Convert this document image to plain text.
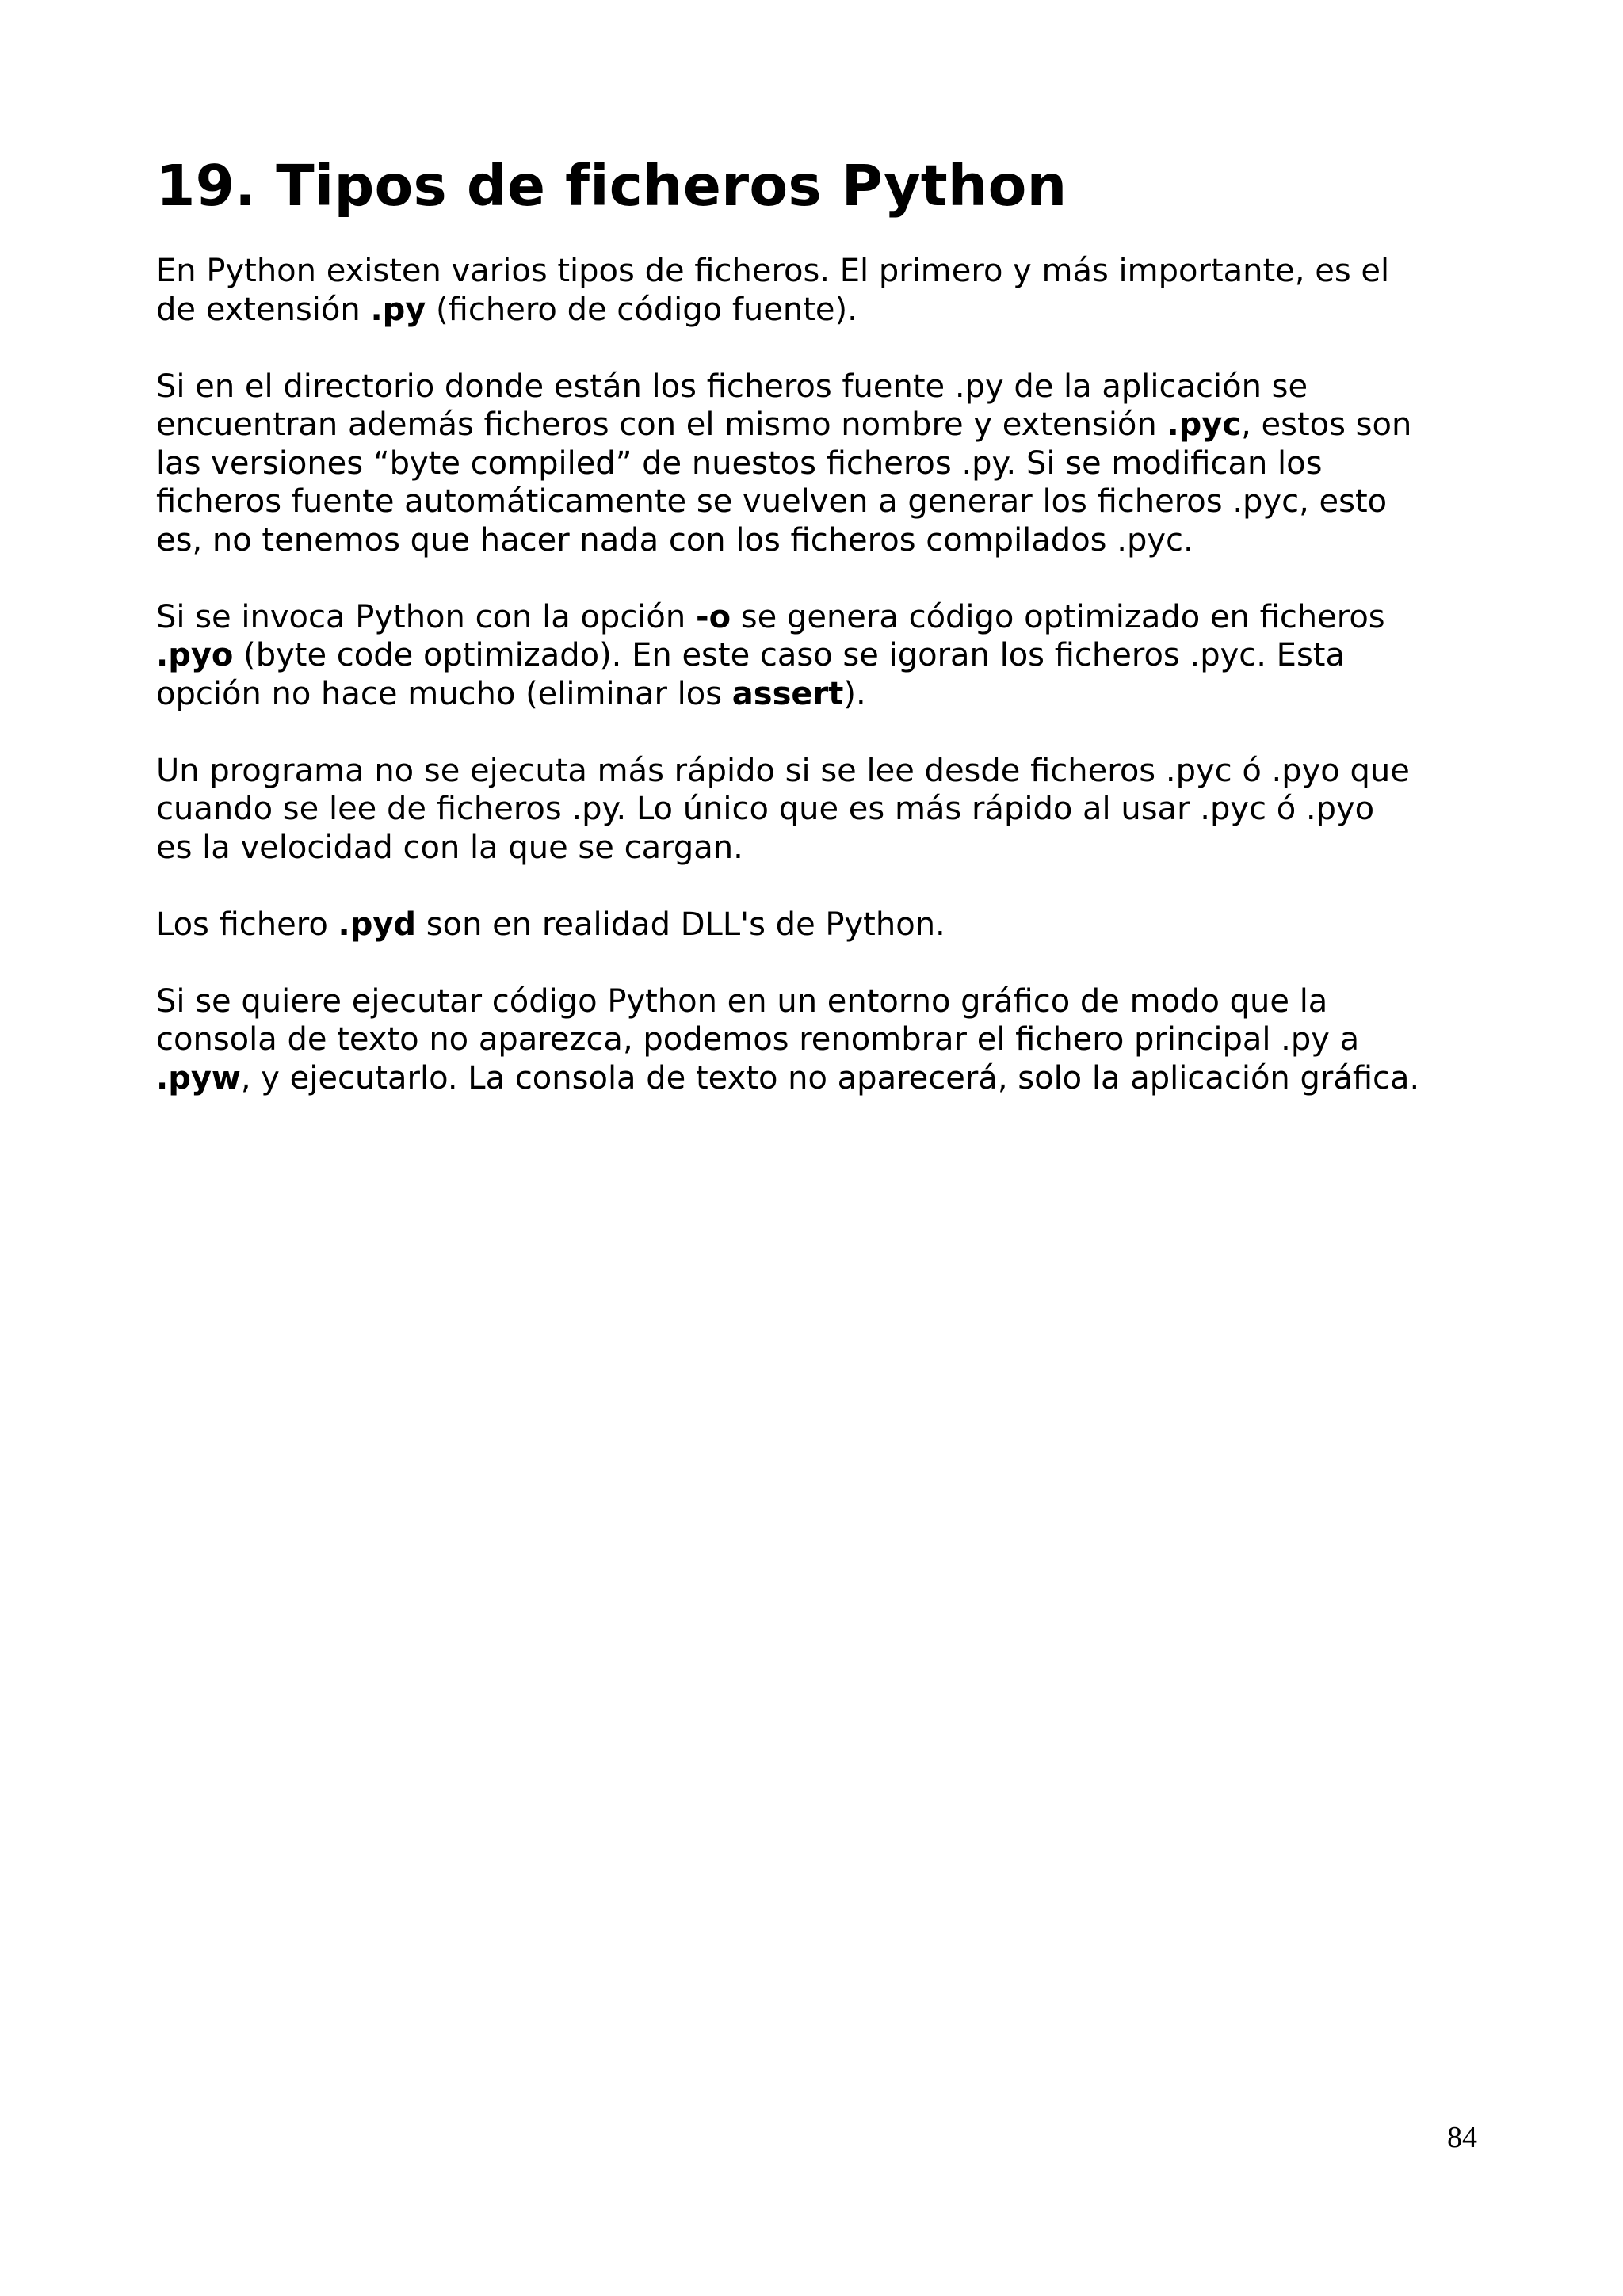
19. Tipos de ficheros Python

En Python existen varios tipos de ficheros. El primero y más importante, es el
de extensión .py (fichero de código fuente).

Si en el directorio donde están los ficheros fuente .py de la aplicación se
encuentran además ficheros con el mismo nombre y extensión .pyc, estos son
las versiones “byte compiled” de nuestos ficheros .py. Si se modifican los
ficheros fuente automáticamente se vuelven a generar los ficheros .pyc, esto
es, no tenemos que hacer nada con los ficheros compilados .pyc.

Si se invoca Python con la opción -o se genera código optimizado en ficheros
.pyo (byte code optimizado). En este caso se igoran los ficheros .pyc. Esta
opción no hace mucho (eliminar los assert).

Un programa no se ejecuta más rápido si se lee desde ficheros .pyc ó .pyo que
cuando se lee de ficheros .py. Lo único que es más rápido al usar .pyc ó .pyo
es la velocidad con la que se cargan.

Los fichero .pyd son en realidad DLL's de Python.

Si se quiere ejecutar código Python en un entorno gráfico de modo que la
consola de texto no aparezca, podemos renombrar el fichero principal .py a
.pyw, y ejecutarlo. La consola de texto no aparecerá, solo la aplicación gráfica.

84
